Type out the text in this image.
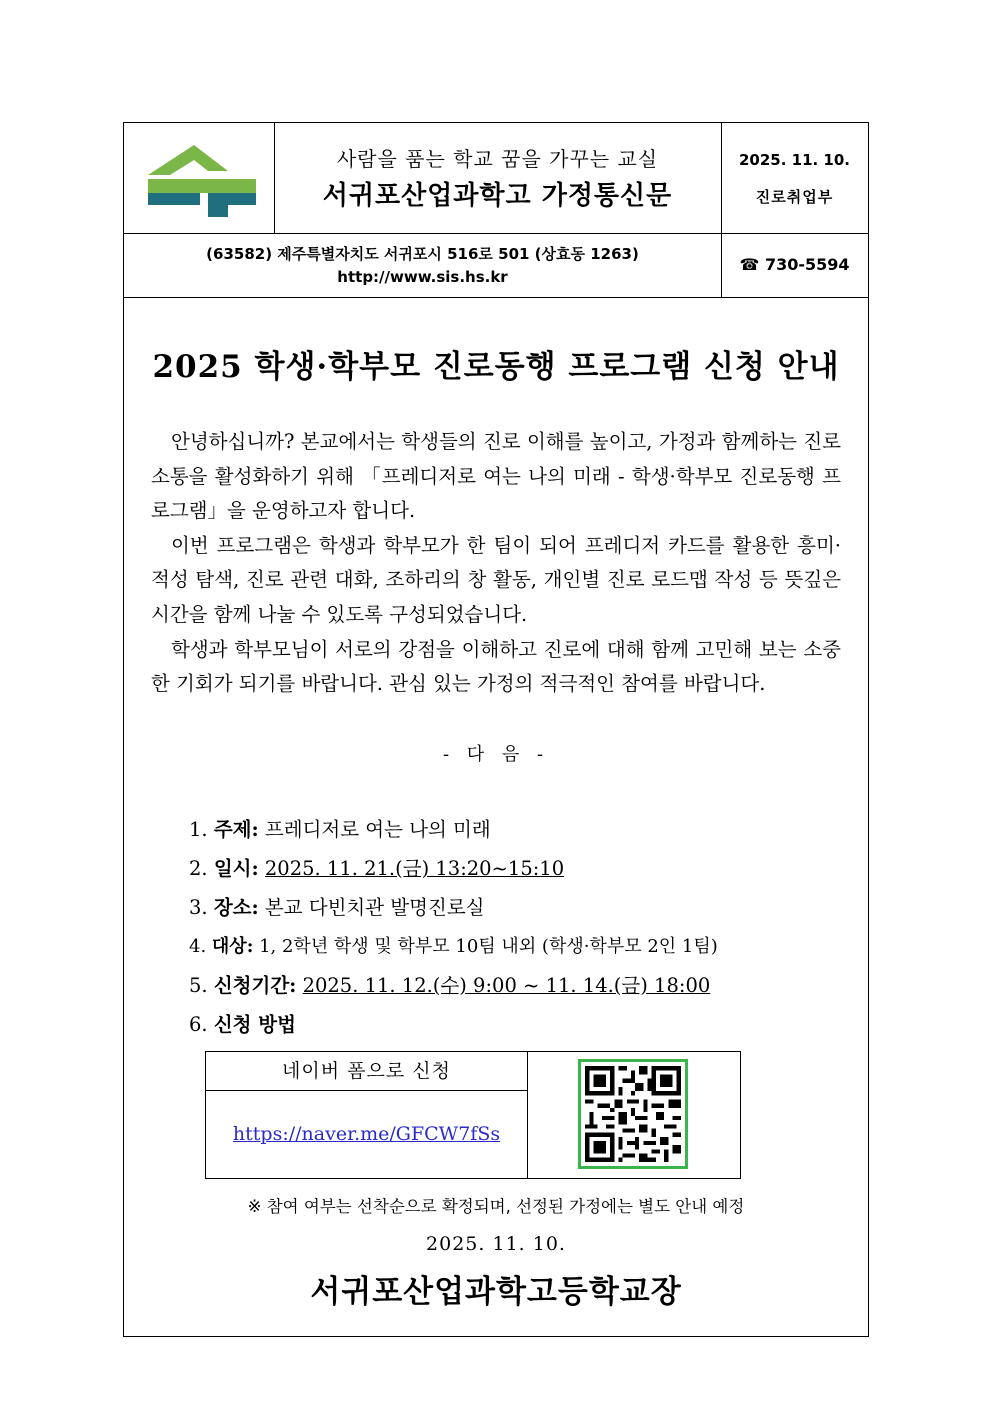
사람을 품는 학교 꿈을 가꾸는 교실
서귀포산업과학고 가정통신문
2025. 11. 10.
진로취업부
(63582) 제주특별자치도 서귀포시 516로 501 (상효동 1263)
http://www.sis.hs.kr
☎ 730-5594
2025 학생·학부모 진로동행 프로그램 신청 안내

안녕하십니까? 본교에서는 학생들의 진로 이해를 높이고, 가정과 함께하는 진로 소통을 활성화하기 위해 「프레디저로 여는 나의 미래 - 학생·학부모 진로동행 프로그램」을 운영하고자 합니다.

이번 프로그램은 학생과 학부모가 한 팀이 되어 프레디저 카드를 활용한 흥미·적성 탐색, 진로 관련 대화, 조하리의 창 활동, 개인별 진로 로드맵 작성 등 뜻깊은 시간을 함께 나눌 수 있도록 구성되었습니다.

학생과 학부모님이 서로의 강점을 이해하고 진로에 대해 함께 고민해 보는 소중한 기회가 되기를 바랍니다. 관심 있는 가정의 적극적인 참여를 바랍니다.

- 다 음 -
1. 주제: 프레디저로 여는 나의 미래
2. 일시: 2025. 11. 21.(금) 13:20~15:10
3. 장소: 본교 다빈치관 발명진로실
4. 대상: 1, 2학년 학생 및 학부모 10팀 내외 (학생·학부모 2인 1팀)
5. 신청기간: 2025. 11. 12.(수) 9:00 ~ 11. 14.(금) 18:00
6. 신청 방법
네이버 폼으로 신청
https://naver.me/GFCW7fSs
※ 참여 여부는 선착순으로 확정되며, 선정된 가정에는 별도 안내 예정
2025. 11. 10.
서귀포산업과학고등학교장
